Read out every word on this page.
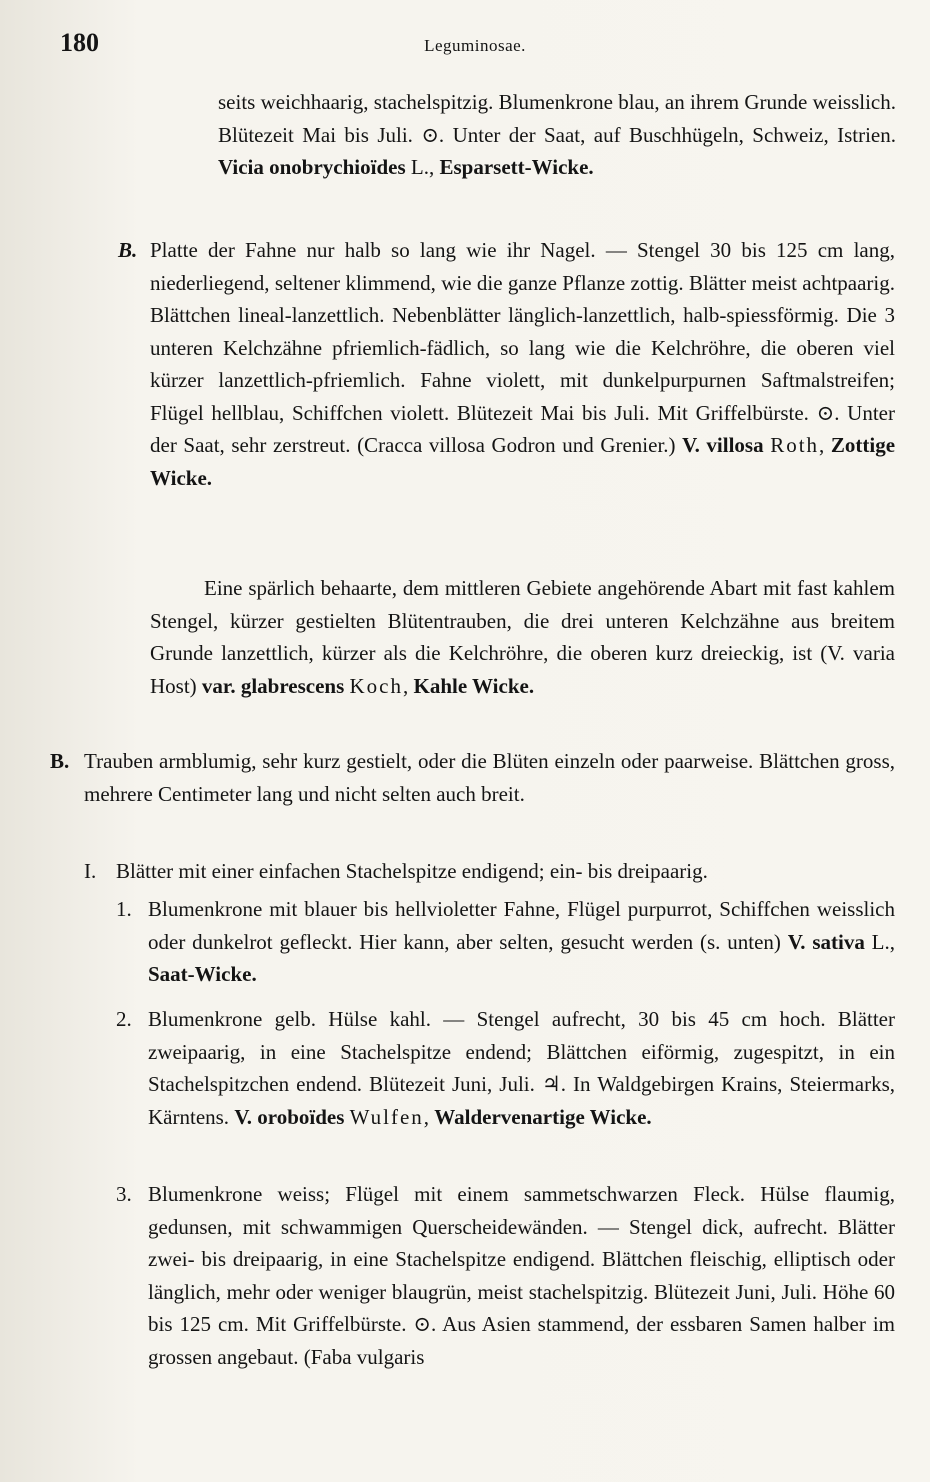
180	Leguminosae.
seits weichhaarig, stachelspitzig. Blumenkrone blau, an ihrem Grunde weisslich. Blütezeit Mai bis Juli. ⊙. Unter der Saat, auf Buschhügeln, Schweiz, Istrien. Vicia onobrychioïdes L., Esparsett-Wicke.
B. Platte der Fahne nur halb so lang wie ihr Nagel. — Stengel 30 bis 125 cm lang, niederliegend, seltener klimmend, wie die ganze Pflanze zottig. Blätter meist achtpaarig. Blättchen lineal-lanzettlich. Nebenblätter länglich-lanzettlich, halb-spiessförmig. Die 3 unteren Kelchzähne pfriemlich-fädlich, so lang wie die Kelchröhre, die oberen viel kürzer lanzettlich-pfriemlich. Fahne violett, mit dunkelpurpurnen Saftmalstreifen; Flügel hellblau, Schiffchen violett. Blütezeit Mai bis Juli. Mit Griffelbürste. ⊙. Unter der Saat, sehr zerstreut. (Cracca villosa Godron und Grenier.) V. villosa Roth, Zottige Wicke.
Eine spärlich behaarte, dem mittleren Gebiete angehörende Abart mit fast kahlem Stengel, kürzer gestielten Blütentrauben, die drei unteren Kelchzähne aus breitem Grunde lanzettlich, kürzer als die Kelchröhre, die oberen kurz dreieckig, ist (V. varia Host) var. glabrescens Koch, Kahle Wicke.
B. Trauben armblumig, sehr kurz gestielt, oder die Blüten einzeln oder paarweise. Blättchen gross, mehrere Centimeter lang und nicht selten auch breit.
I. Blätter mit einer einfachen Stachelspitze endigend; ein- bis dreipaarig.
1. Blumenkrone mit blauer bis hellvioletter Fahne, Flügel purpurrot, Schiffchen weisslich oder dunkelrot gefleckt. Hier kann, aber selten, gesucht werden (s. unten) V. sativa L., Saat-Wicke.
2. Blumenkrone gelb. Hülse kahl. — Stengel aufrecht, 30 bis 45 cm hoch. Blätter zweipaarig, in eine Stachelspitze endend; Blättchen eiförmig, zugespitzt, in ein Stachelspitzchen endend. Blütezeit Juni, Juli. ♃. In Waldgebirgen Krains, Steiermarks, Kärntens. V. oroboïdes Wulfen, Waldervenartige Wicke.
3. Blumenkrone weiss; Flügel mit einem sammetschwarzen Fleck. Hülse flaumig, gedunsen, mit schwammigen Querscheidewänden. — Stengel dick, aufrecht. Blätter zwei- bis dreipaarig, in eine Stachelspitze endigend. Blättchen fleischig, elliptisch oder länglich, mehr oder weniger blaugrün, meist stachelspitzig. Blütezeit Juni, Juli. Höhe 60 bis 125 cm. Mit Griffelbürste. ⊙. Aus Asien stammend, der essbaren Samen halber im grossen angebaut. (Faba vulgaris
